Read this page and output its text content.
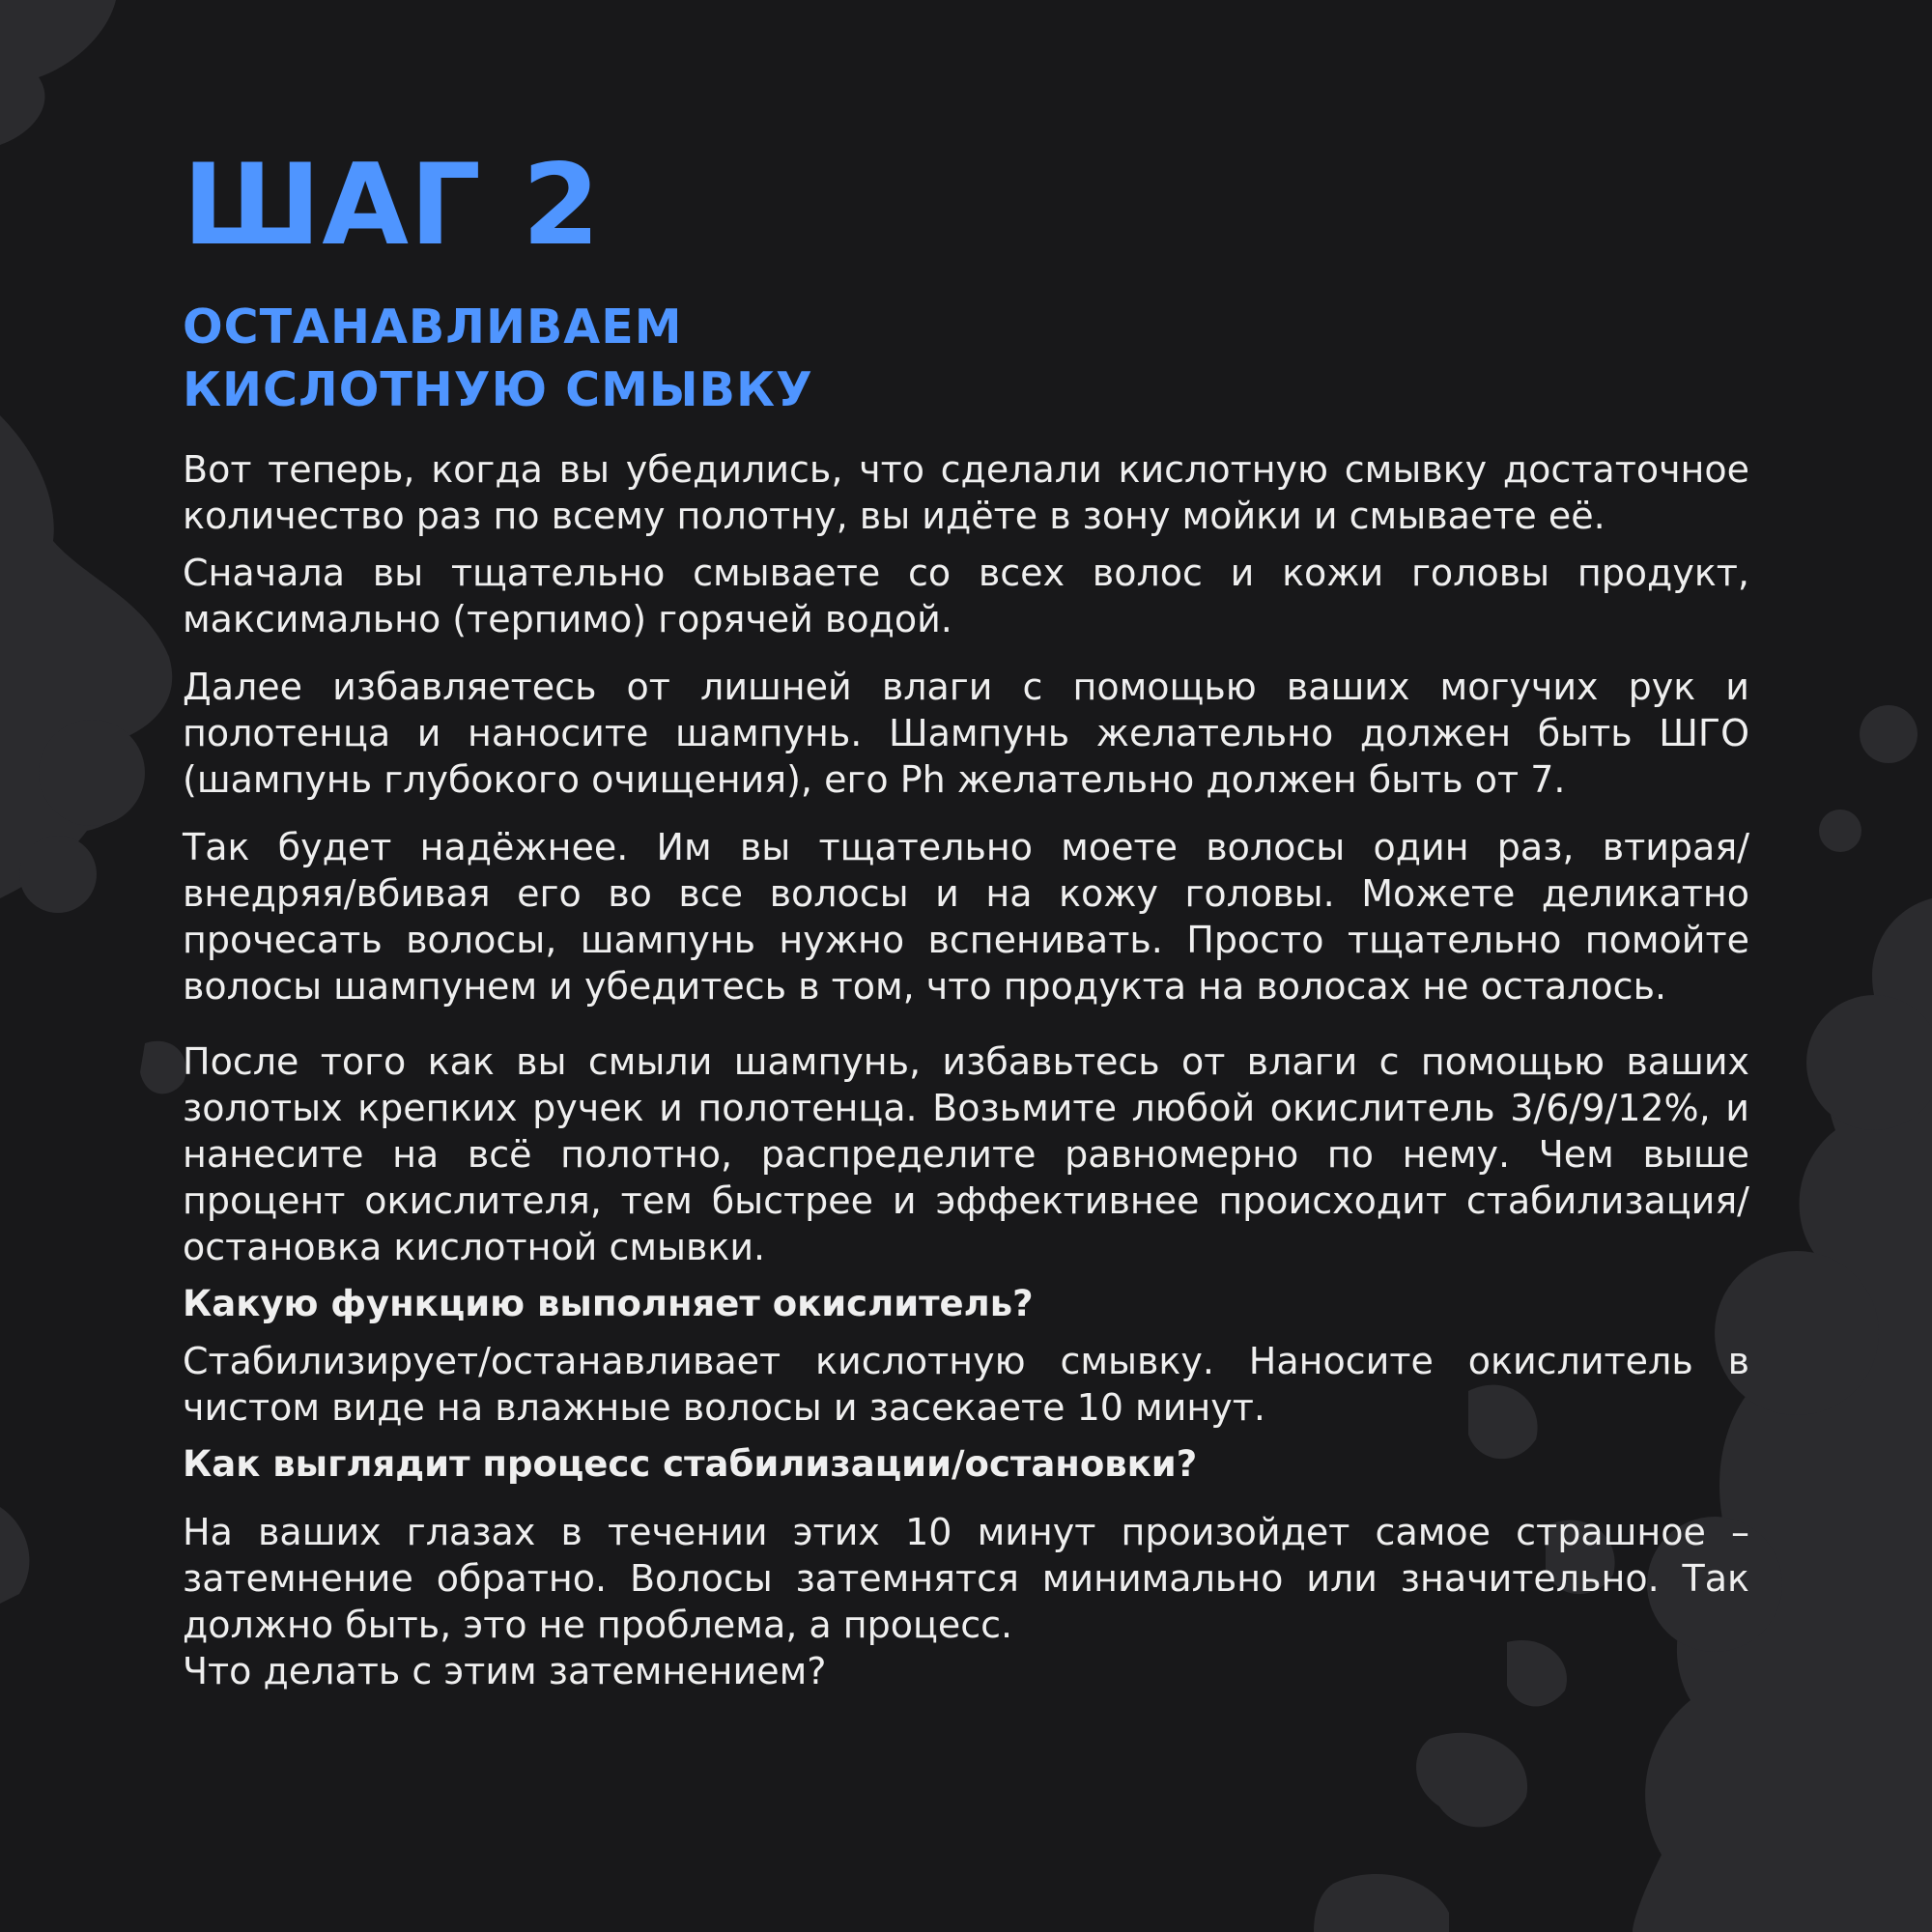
ШАГ 2
ОСТАНАВЛИВАЕМ
КИСЛОТНУЮ СМЫВКУ

Вот теперь, когда вы убедились, что сделали кислотную смывку достаточное количество раз по всему полотну, вы идёте в зону мойки и смываете её.

Сначала вы тщательно смываете со всех волос и кожи головы продукт, максимально (терпимо) горячей водой.

Далее избавляетесь от лишней влаги с помощью ваших могучих рук и полотенца и наносите шампунь. Шампунь желательно должен быть ШГО (шампунь глубокого очищения), его Ph желательно должен быть от 7.

Так будет надёжнее. Им вы тщательно моете волосы один раз, втирая/внедряя/вбивая его во все волосы и на кожу головы. Можете деликатно прочесать волосы, шампунь нужно вспенивать. Просто тщательно помойте волосы шампунем и убедитесь в том, что продукта на волосах не осталось.

После того как вы смыли шампунь, избавьтесь от влаги с помощью ваших золотых крепких ручек и полотенца. Возьмите любой окислитель 3/6/9/12%, и нанесите на всё полотно, распределите равномерно по нему. Чем выше процент окислителя, тем быстрее и эффективнее происходит стабилизация/остановка кислотной смывки.

Какую функцию выполняет окислитель?

Стабилизирует/останавливает кислотную смывку. Наносите окислитель в чистом виде на влажные волосы и засекаете 10 минут.

Как выглядит процесс стабилизации/остановки?

На ваших глазах в течении этих 10 минут произойдет самое страшное – затемнение обратно. Волосы затемнятся минимально или значительно. Так должно быть, это не проблема, а процесс.

Что делать с этим затемнением?
